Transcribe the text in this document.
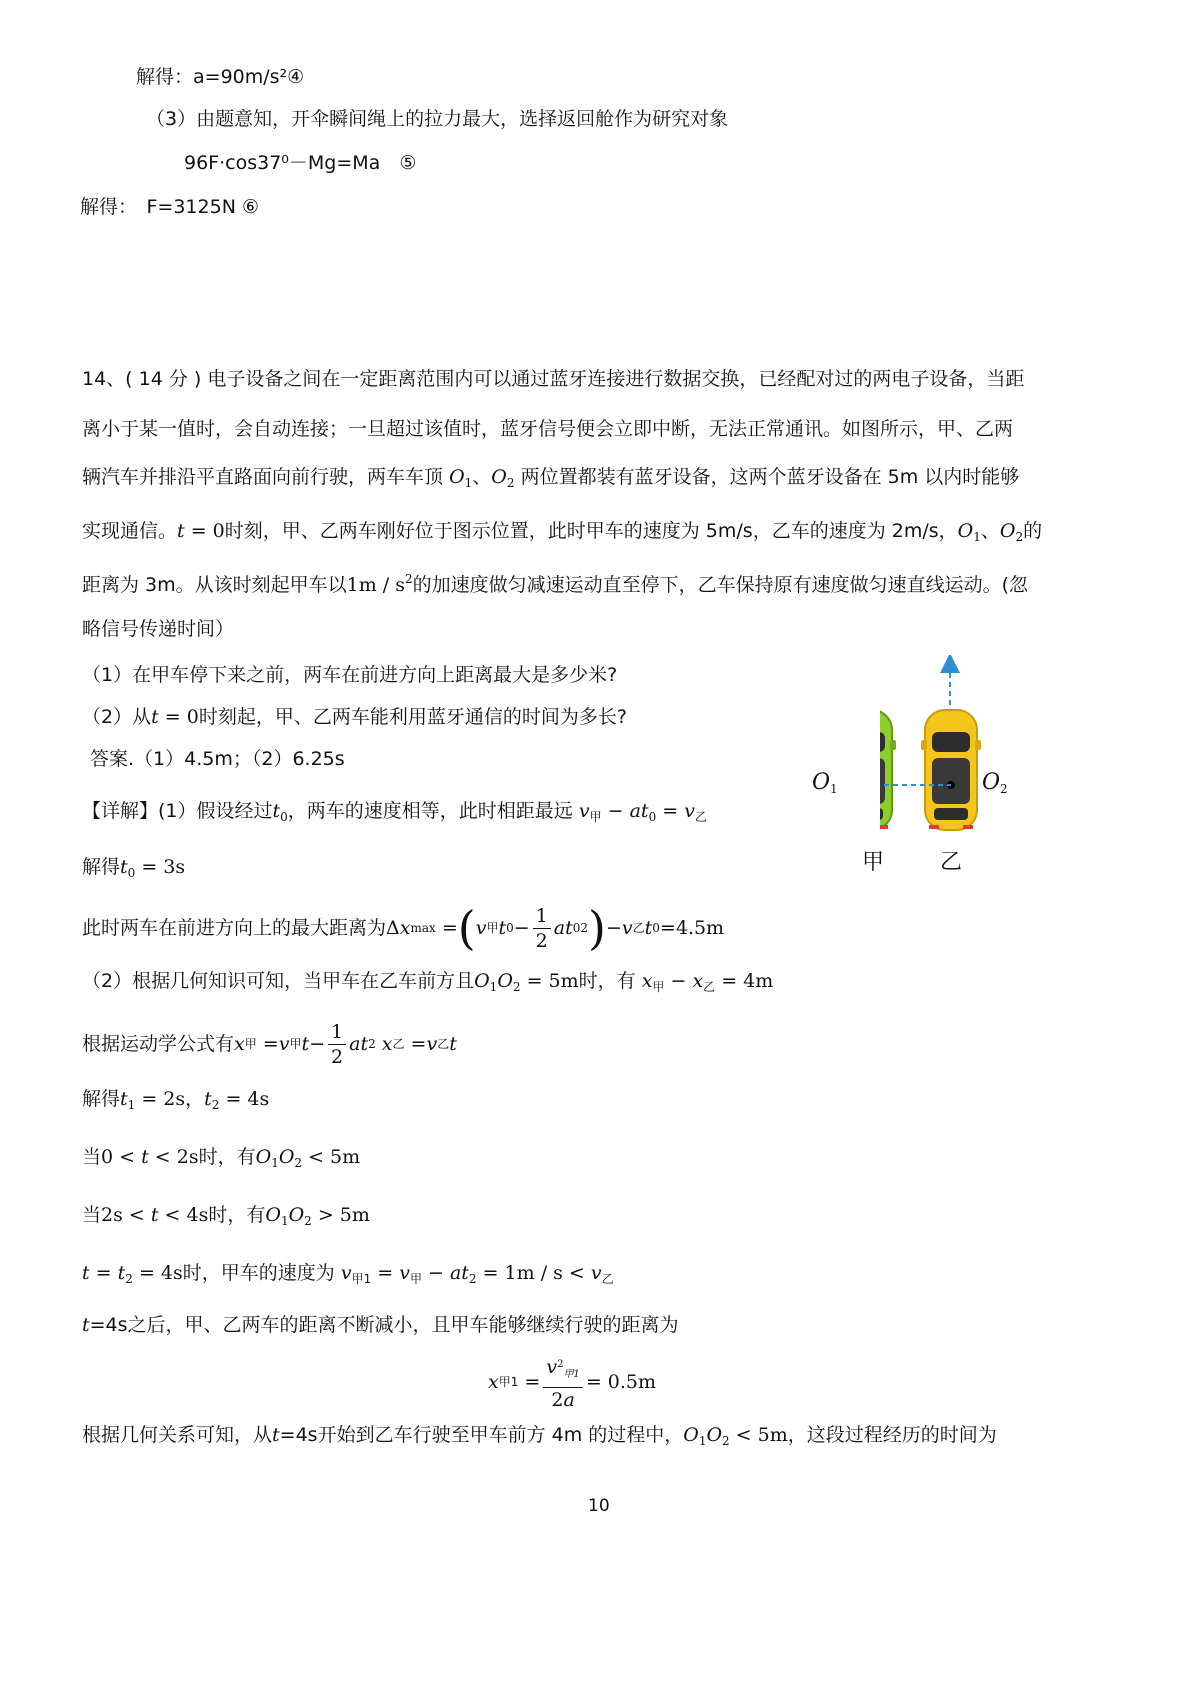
解得：a=90m/s²④
（3）由题意知，开伞瞬间绳上的拉力最大，选择返回舱作为研究对象
96F·cos37⁰－Mg=Ma　⑤
解得：　F=3125N ⑥
14、( 14 分 ) 电子设备之间在一定距离范围内可以通过蓝牙连接进行数据交换，已经配对过的两电子设备，当距
离小于某一值时，会自动连接；一旦超过该值时，蓝牙信号便会立即中断，无法正常通讯。如图所示，甲、乙两
辆汽车并排沿平直路面向前行驶，两车车顶 $O_1$、$O_2$ 两位置都装有蓝牙设备，这两个蓝牙设备在 5m 以内时能够
实现通信。t = 0时刻，甲、乙两车刚好位于图示位置，此时甲车的速度为 5m/s，乙车的速度为 2m/s，$O_1$、$O_2$的
距离为 3m。从该时刻起甲车以$1m / s^2$的加速度做匀减速运动直至停下，乙车保持原有速度做匀速直线运动。(忽
略信号传递时间）
（1）在甲车停下来之前，两车在前进方向上距离最大是多少米?
（2）从t = 0时刻起，甲、乙两车能利用蓝牙通信的时间为多长?
答案.（1）4.5m；（2）6.25s
$O_1$	$O_2$
甲	乙
【详解】(1）假设经过$t_0$，两车的速度相等，此时相距最远 $v_甲 - at_0 = v_乙$
解得$t_0 = 3s$
此时两车在前进方向上的最大距离为 Δ x max = ( v 甲 t $0 - \frac{1}{2}$ at 0 2 ) − v 乙 t 0 =4.5m
（2）根据几何知识可知，当甲车在乙车前方且$O_1O_2 = 5m$时，有 $x_甲 - x_乙 = 4m$
根据运动学公式有 x 甲 = v 甲 $t - \frac{1}{2}$ at 2
x 乙 = v 乙 t
解得$t_1 = 2s$，$t_2 = 4s$
当0 < t < 2s时，有$O_1O_2 < 5m$
当2s < t < 4s时，有$O_1O_2 > 5m$
$t = t_2 = 4s$时，甲车的速度为 $v_{甲1} = v_甲 - at_2 = 1m / s < v_乙$
t=4s之后，甲、乙两车的距离不断减小，且甲车能够继续行驶的距离为
x 甲$1 = \frac{v^2_{甲1}}{2a} = 0.5m$
根据几何关系可知，从t=4s开始到乙车行驶至甲车前方 4m 的过程中，$O_1O_2 < 5m$，这段过程经历的时间为
10
